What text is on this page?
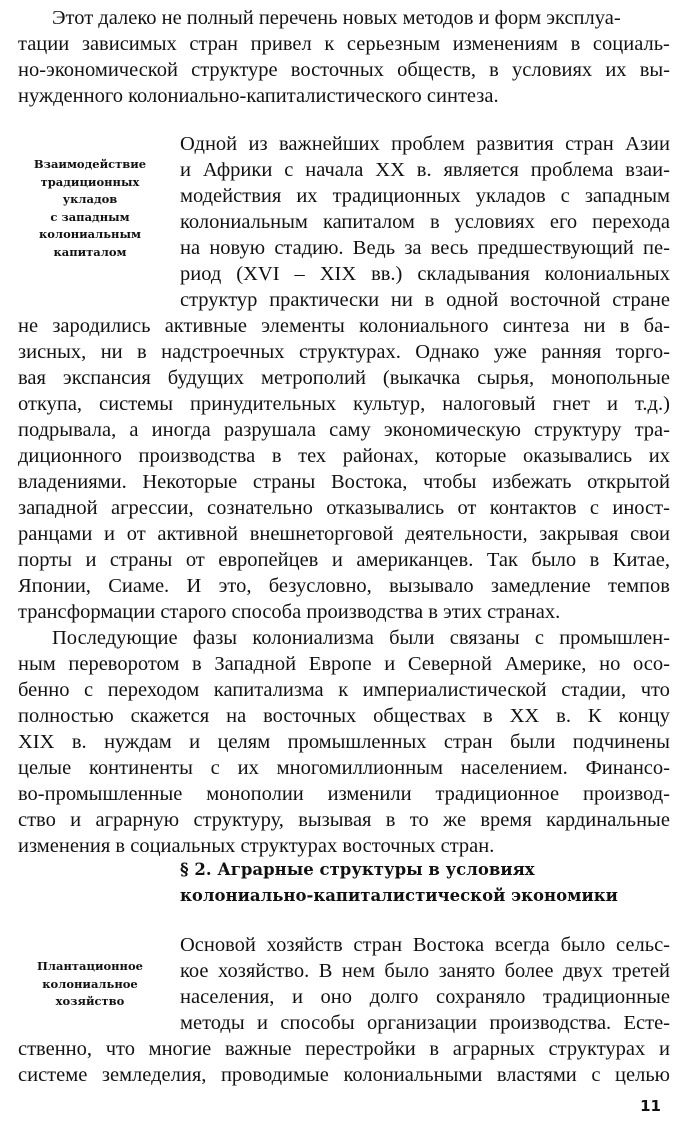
Этот далеко не полный перечень новых методов и форм эксплуа-
тации зависимых стран привел к серьезным изменениям в социаль-
но-экономической структуре восточных обществ, в условиях их вы-
нужденного колониально-капиталистического синтеза.
Взаимодействие
традиционных
укладов
с западным
колониальным
капиталом
Одной из важнейших проблем развития стран Азии
и Африки с начала XX в. является проблема взаи-
модействия их традиционных укладов с западным
колониальным капиталом в условиях его перехода
на новую стадию. Ведь за весь предшествующий пе-
риод (XVI – XIX вв.) складывания колониальных
структур практически ни в одной восточной стране
не зародились активные элементы колониального синтеза ни в ба-
зисных, ни в надстроечных структурах. Однако уже ранняя торго-
вая экспансия будущих метрополий (выкачка сырья, монопольные
откупа, системы принудительных культур, налоговый гнет и т.д.)
подрывала, а иногда разрушала саму экономическую структуру тра-
диционного производства в тех районах, которые оказывались их
владениями. Некоторые страны Востока, чтобы избежать открытой
западной агрессии, сознательно отказывались от контактов с иност-
ранцами и от активной внешнеторговой деятельности, закрывая свои
порты и страны от европейцев и американцев. Так было в Китае,
Японии, Сиаме. И это, безусловно, вызывало замедление темпов
трансформации старого способа производства в этих странах.
Последующие фазы колониализма были связаны с промышлен-
ным переворотом в Западной Европе и Северной Америке, но осо-
бенно с переходом капитализма к империалистической стадии, что
полностью скажется на восточных обществах в XX в. К концу
XIX в. нуждам и целям промышленных стран были подчинены
целые континенты с их многомиллионным населением. Финансо-
во-промышленные монополии изменили традиционное производ-
ство и аграрную структуру, вызывая в то же время кардинальные
изменения в социальных структурах восточных стран.
§ 2. Аграрные структуры в условиях
колониально-капиталистической экономики
Плантационное
колониальное
хозяйство
Основой хозяйств стран Востока всегда было сельс-
кое хозяйство. В нем было занято более двух третей
населения, и оно долго сохраняло традиционные
методы и способы организации производства. Есте-
ственно, что многие важные перестройки в аграрных структурах и
системе земледелия, проводимые колониальными властями с целью
11
